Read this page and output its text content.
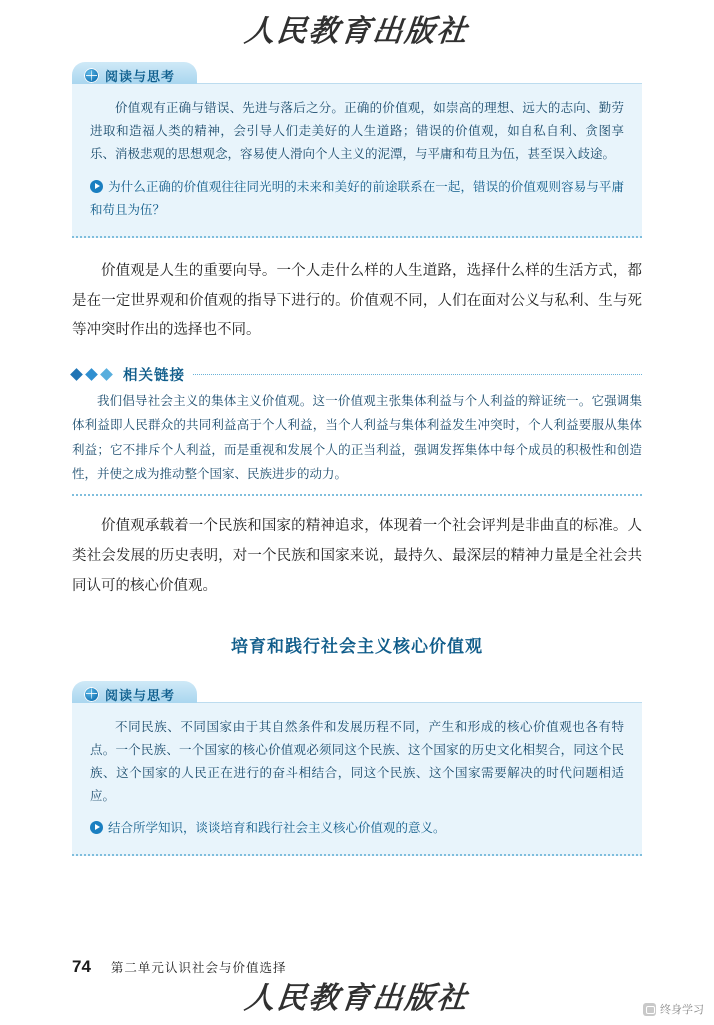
人民教育出版社
阅读与思考

价值观有正确与错误、先进与落后之分。正确的价值观，如崇高的理想、远大的志向、勤劳进取和造福人类的精神，会引导人们走美好的人生道路；错误的价值观，如自私自利、贪图享乐、消极悲观的思想观念，容易使人滑向个人主义的泥潭，与平庸和苟且为伍，甚至误入歧途。

为什么正确的价值观往往同光明的未来和美好的前途联系在一起，错误的价值观则容易与平庸和苟且为伍？

价值观是人生的重要向导。一个人走什么样的人生道路，选择什么样的生活方式，都是在一定世界观和价值观的指导下进行的。价值观不同，人们在面对公义与私利、生与死等冲突时作出的选择也不同。

相关链接

我们倡导社会主义的集体主义价值观。这一价值观主张集体利益与个人利益的辩证统一。它强调集体利益即人民群众的共同利益高于个人利益，当个人利益与集体利益发生冲突时，个人利益要服从集体利益；它不排斥个人利益，而是重视和发展个人的正当利益，强调发挥集体中每个成员的积极性和创造性，并使之成为推动整个国家、民族进步的动力。

价值观承载着一个民族和国家的精神追求，体现着一个社会评判是非曲直的标准。人类社会发展的历史表明，对一个民族和国家来说，最持久、最深层的精神力量是全社会共同认可的核心价值观。

培育和践行社会主义核心价值观
阅读与思考

不同民族、不同国家由于其自然条件和发展历程不同，产生和形成的核心价值观也各有特点。一个民族、一个国家的核心价值观必须同这个民族、这个国家的历史文化相契合，同这个民族、这个国家的人民正在进行的奋斗相结合，同这个民族、这个国家需要解决的时代问题相适应。

结合所学知识，谈谈培育和践行社会主义核心价值观的意义。
74 第二单元 认识社会与价值选择
人民教育出版社	终身学习
